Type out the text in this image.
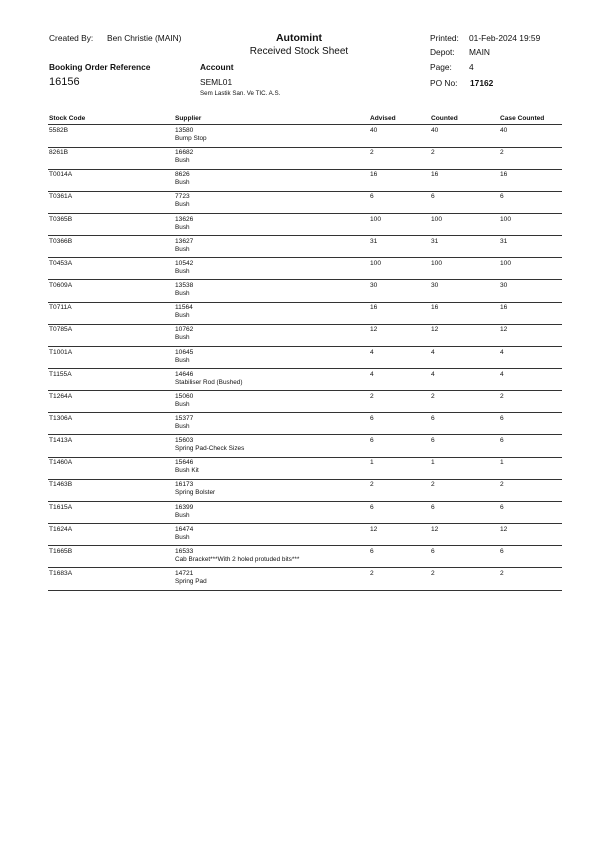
Created By: Ben Christie (MAIN)	Automint
Received Stock Sheet
Printed: 01-Feb-2024 19:59
Depot: MAIN
Page: 4
PO No: 17162
Booking Order Reference
16156
Account
SEML01
Sem Lastik San. Ve TIC. A.S.
Stock Code	Supplier	Advised	Counted	Case Counted
5582B	13580
Bump Stop
40	40	40
8261B	16682
Bush
2	2	2
T0014A	8626
Bush
16	16	16
T0361A	7723
Bush
6	6	6
T0365B	13626
Bush
100	100	100
T0366B	13627
Bush
31	31	31
T0453A	10542
Bush
100	100	100
T0609A	13538
Bush
30	30	30
T0711A	11564
Bush
16	16	16
T0785A	10762
Bush
12	12	12
T1001A	10645
Bush
4	4	4
T1155A	14646
Stabiliser Rod (Bushed)
4	4	4
T1264A	15060
Bush
2	2	2
T1306A	15377
Bush
6	6	6
T1413A	15603
Spring Pad-Check Sizes
6	6	6
T1460A	15646
Bush Kit
1	1	1
T1463B	16173
Spring Bolster
2	2	2
T1615A	16399
Bush
6	6	6
T1624A	16474
Bush
12	12	12
T1665B	16533
Cab Bracket***With 2 holed protuded bits***
6	6	6
T1683A	14721
Spring Pad
2	2	2
